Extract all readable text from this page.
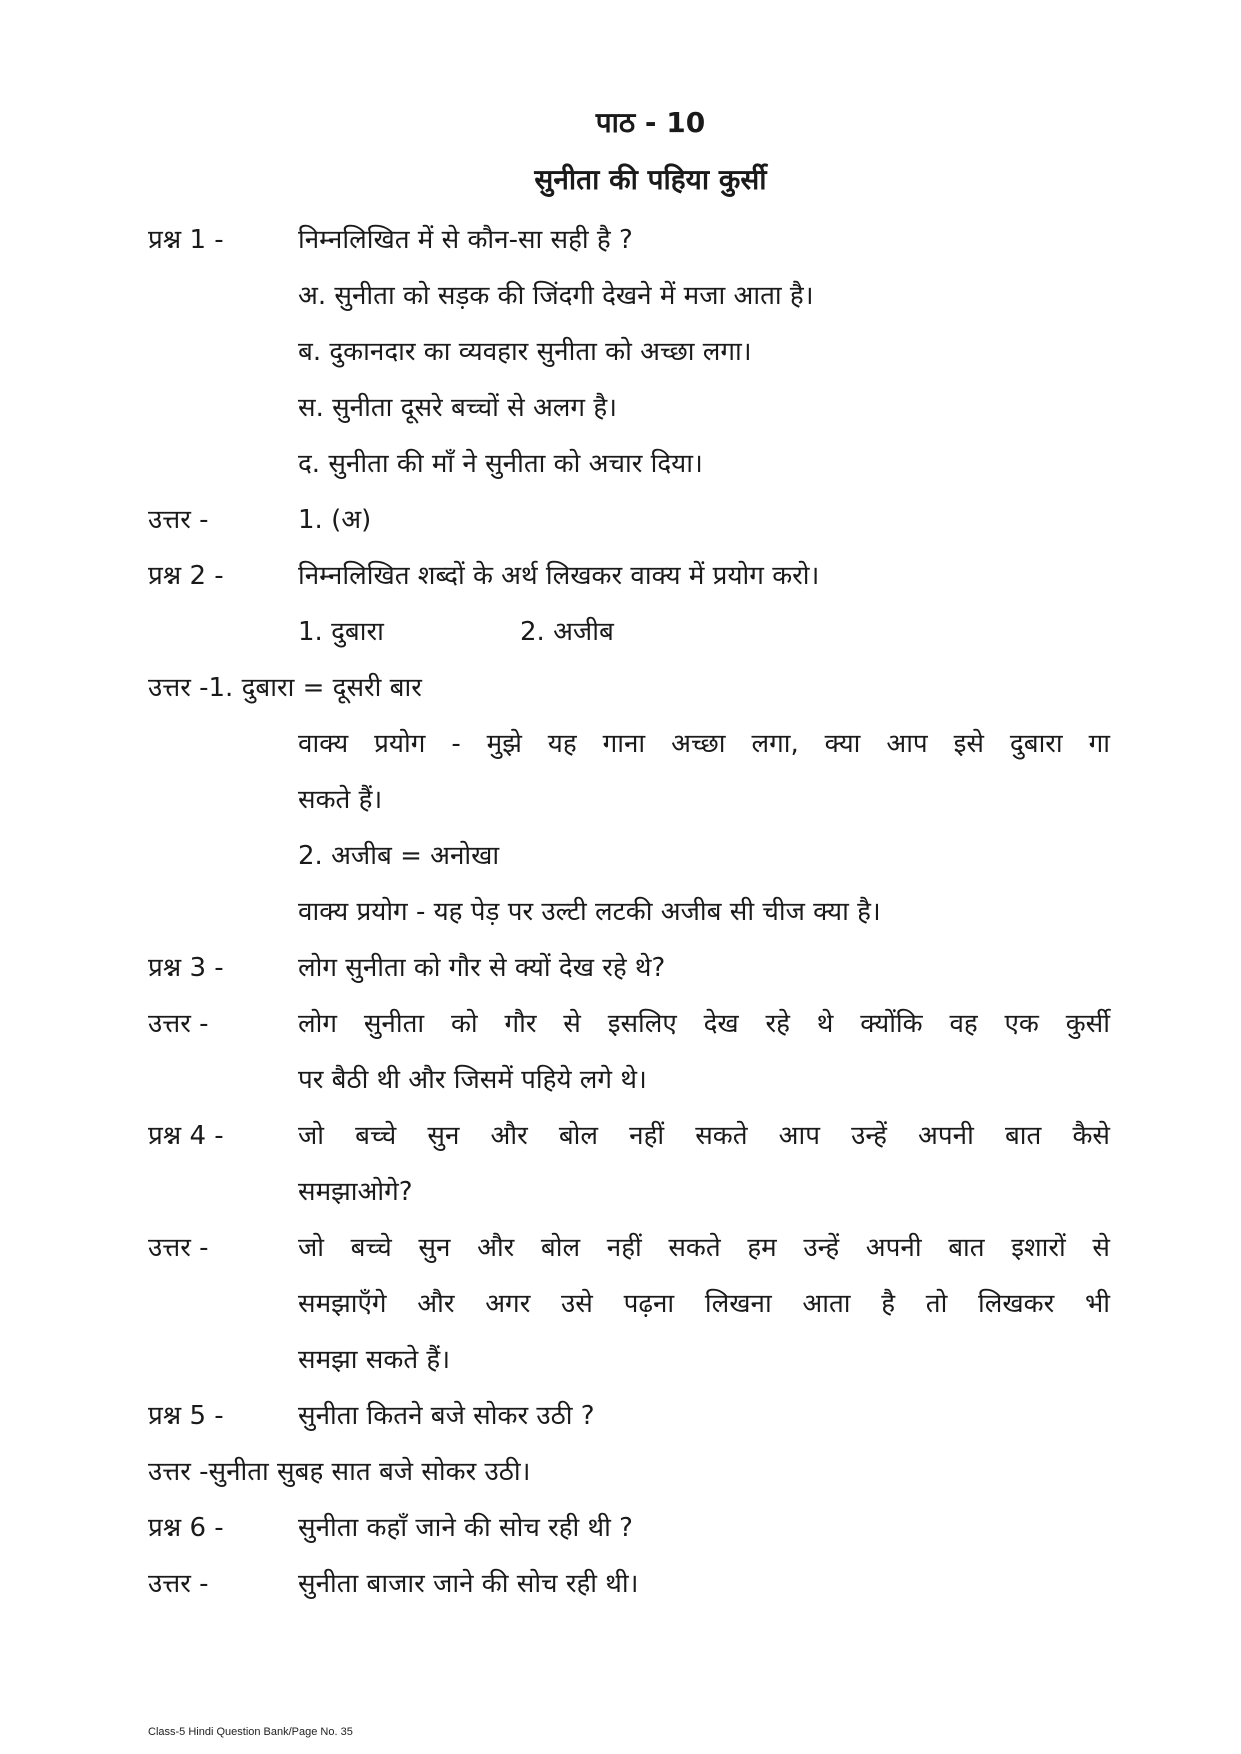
पाठ - 10
सुनीता की पहिया कुर्सी
प्रश्न 1 -	निम्नलिखित में से कौन-सा सही है ?
अ. सुनीता को सड़क की जिंदगी देखने में मजा आता है।
ब. दुकानदार का व्यवहार सुनीता को अच्छा लगा।
स. सुनीता दूसरे बच्चों से अलग है।
द. सुनीता की माँ ने सुनीता को अचार दिया।
उत्तर -	1. (अ)
प्रश्न 2 -	निम्नलिखित शब्दों के अर्थ लिखकर वाक्य में प्रयोग करो।
1. दुबारा	2. अजीब
उत्तर -1. दुबारा = दूसरी बार
वाक्य प्रयोग - मुझे यह गाना अच्छा लगा, क्या आप इसे दुबारा गा
सकते हैं।
2. अजीब = अनोखा
वाक्य प्रयोग - यह पेड़ पर उल्टी लटकी अजीब सी चीज क्या है।
प्रश्न 3 -	लोग सुनीता को गौर से क्यों देख रहे थे?
उत्तर -	लोग सुनीता को गौर से इसलिए देख रहे थे क्योंकि वह एक कुर्सी
पर बैठी थी और जिसमें पहिये लगे थे।
प्रश्न 4 -	जो बच्चे सुन और बोल नहीं सकते आप उन्हें अपनी बात कैसे
समझाओगे?
उत्तर -	जो बच्चे सुन और बोल नहीं सकते हम उन्हें अपनी बात इशारों से
समझाएँगे और अगर उसे पढ़ना लिखना आता है तो लिखकर भी
समझा सकते हैं।
प्रश्न 5 -	सुनीता कितने बजे सोकर उठी ?
उत्तर -सुनीता सुबह सात बजे सोकर उठी।
प्रश्न 6 -	सुनीता कहाँ जाने की सोच रही थी ?
उत्तर -	सुनीता बाजार जाने की सोच रही थी।
Class-5 Hindi Question Bank/Page No. 35
